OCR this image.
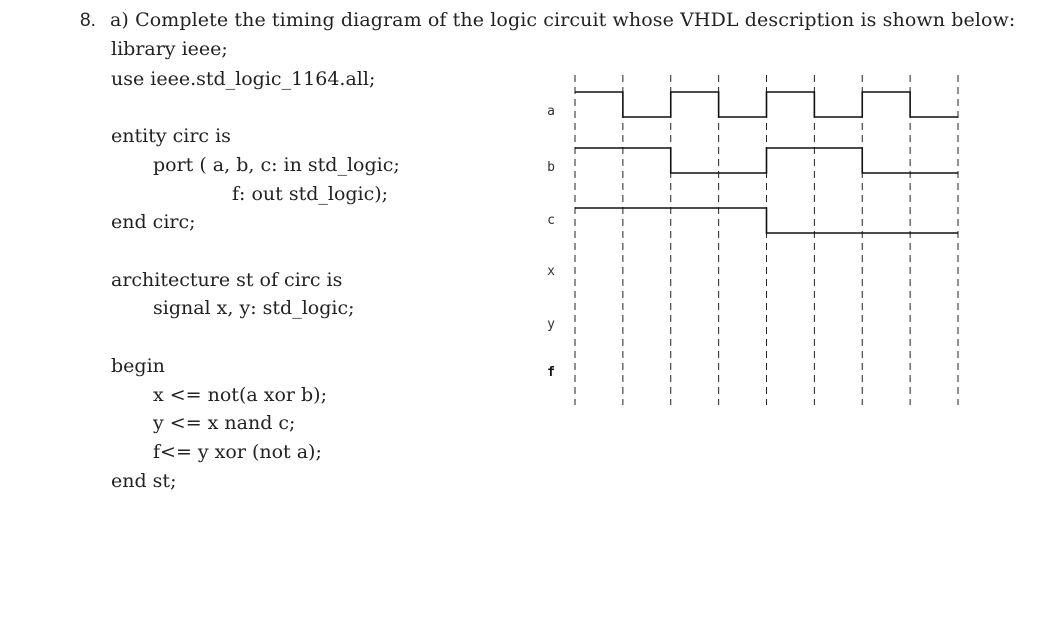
8. a) Complete the timing diagram of the logic circuit whose VHDL description is shown below:
library ieee;
use ieee.std_logic_1164.all;
entity circ is
port ( a, b, c: in std_logic;
f: out std_logic);
end circ;
architecture st of circ is
signal x, y: std_logic;
begin
x <= not(a xor b);
y <= x nand c;
f<= y xor (not a);
end st;
a
b
c
x
y
f
